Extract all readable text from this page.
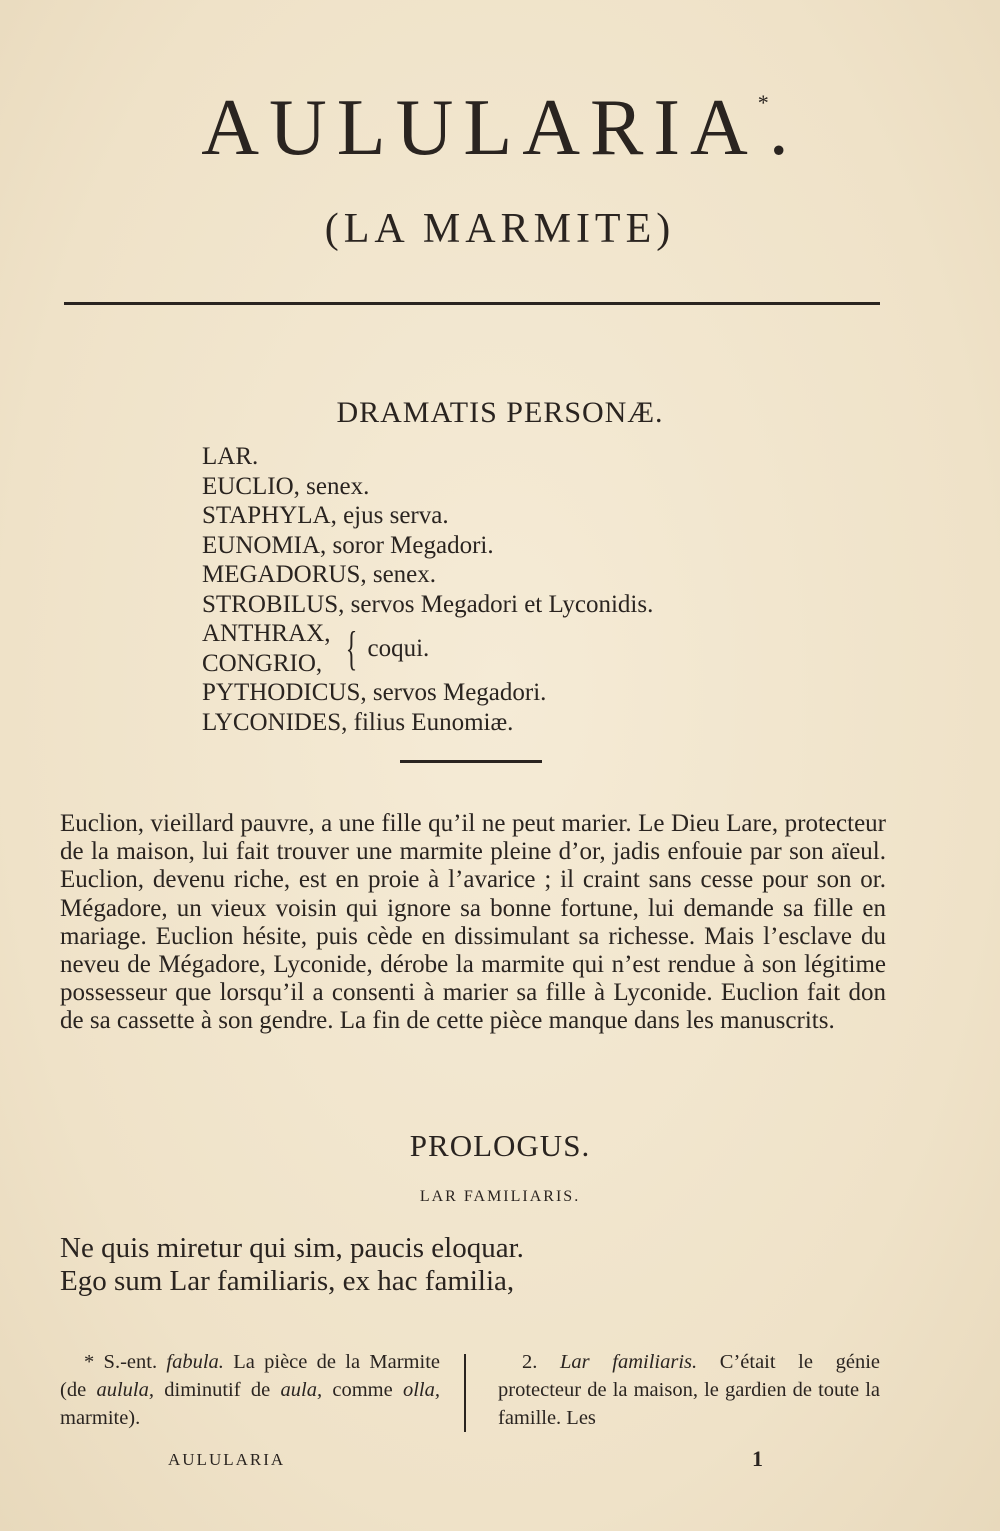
AULULARIA*.
(LA MARMITE)
DRAMATIS PERSONÆ.
LAR.
EUCLIO, senex.
STAPHYLA, ejus serva.
EUNOMIA, soror Megadori.
MEGADORUS, senex.
STROBILUS, servos Megadori et Lyconidis.
ANTHRAX,
CONGRIO, { coqui.
PYTHODICUS, servos Megadori.
LYCONIDES, filius Eunomiæ.

Euclion, vieillard pauvre, a une fille qu’il ne peut marier. Le Dieu Lare, protecteur de la maison, lui fait trouver une marmite pleine d’or, jadis enfouie par son aïeul. Euclion, devenu riche, est en proie à l’avarice ; il craint sans cesse pour son or. Mégadore, un vieux voisin qui ignore sa bonne fortune, lui demande sa fille en mariage. Euclion hésite, puis cède en dissimulant sa richesse. Mais l’esclave du neveu de Mégadore, Lyconide, dérobe la marmite qui n’est rendue à son légitime possesseur que lorsqu’il a consenti à marier sa fille à Lyconide. Euclion fait don de sa cassette à son gendre. La fin de cette pièce manque dans les manuscrits.

PROLOGUS.
LAR FAMILIARIS.
Ne quis miretur qui sim, paucis eloquar.
Ego sum Lar familiaris, ex hac familia,
* S.-ent. fabula. La pièce de la Marmite (de aulula, diminutif de aula, comme olla, marmite).
2. Lar familiaris. C’était le génie protecteur de la maison, le gardien de toute la famille. Les
AULULARIA	1
